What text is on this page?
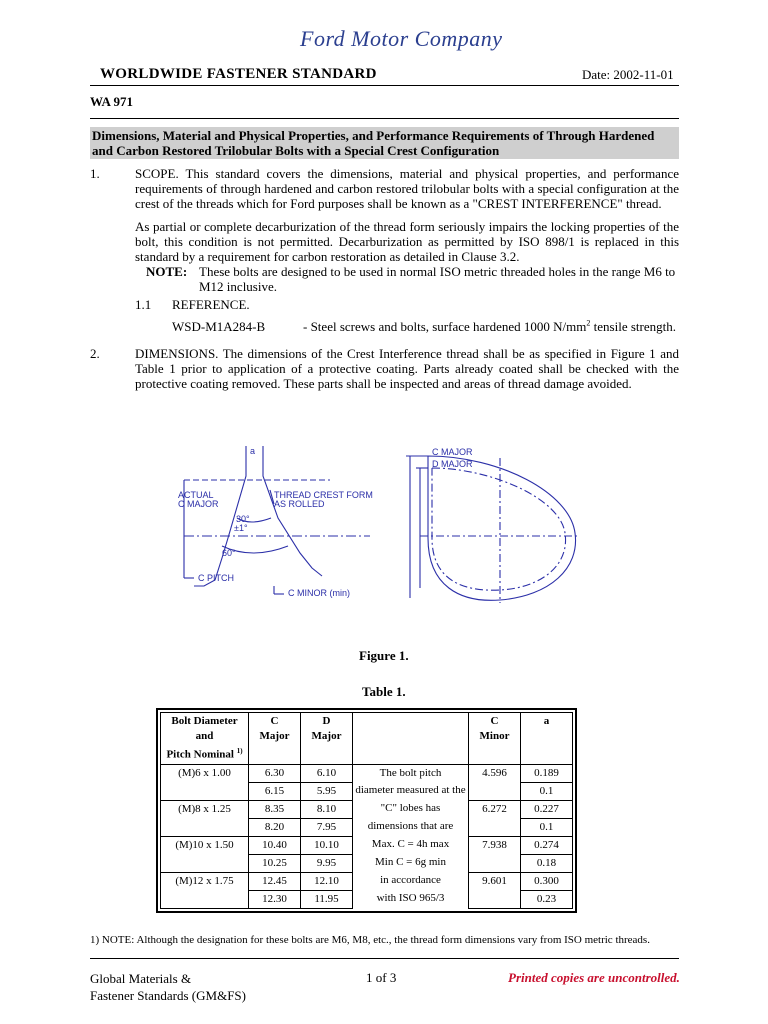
Ford Motor Company
WORLDWIDE FASTENER STANDARD	Date: 2002-11-01
WA 971
Dimensions, Material and Physical Properties, and Performance Requirements of Through Hardened and Carbon Restored Trilobular Bolts with a Special Crest Configuration
1.	SCOPE. This standard covers the dimensions, material and physical properties, and performance requirements of through hardened and carbon restored trilobular bolts with a special configuration at the crest of the threads which for Ford purposes shall be known as a "CREST INTERFERENCE" thread.
As partial or complete decarburization of the thread form seriously impairs the locking properties of the bolt, this condition is not permitted. Decarburization as permitted by ISO 898/1 is replaced in this standard by a requirement for carbon restoration as detailed in Clause 3.2.
NOTE: These bolts are designed to be used in normal ISO metric threaded holes in the range M6 to M12 inclusive.
1.1 REFERENCE.
WSD-M1A284-B	- Steel screws and bolts, surface hardened 1000 $N/mm^2$ tensile strength.
2.	DIMENSIONS. The dimensions of the Crest Interference thread shall be as specified in Figure 1 and Table 1 prior to application of a protective coating. Parts already coated shall be checked with the protective coating removed. These parts shall be inspected and areas of thread damage avoided.
a
ACTUAL
C MAJOR
THREAD CREST FORM
AS ROLLED
30°
±1°
60°
C PITCH
C MINOR (min)
C MAJOR
D MAJOR
Figure 1.
Table 1.
Bolt Diameter and
Pitch Nominal $^{1)}$	C
Major	D
Major		C
Minor	a
(M)6 x 1.00	6.30	6.10	The bolt pitch	4.596	0.189
	6.15	5.95	diameter measured at the		0.1
(M)8 x 1.25	8.35	8.10	"C" lobes has	6.272	0.227
	8.20	7.95	dimensions that are		0.1
(M)10 x 1.50	10.40	10.10	Max. C = 4h max	7.938	0.274
	10.25	9.95	Min C = 6g min		0.18
(M)12 x 1.75	12.45	12.10	in accordance	9.601	0.300
	12.30	11.95	with ISO 965/3		0.23
1) NOTE: Although the designation for these bolts are M6, M8, etc., the thread form dimensions vary from ISO metric threads.
Global Materials &
Fastener Standards (GM&FS)
1 of 3	Printed copies are uncontrolled.
